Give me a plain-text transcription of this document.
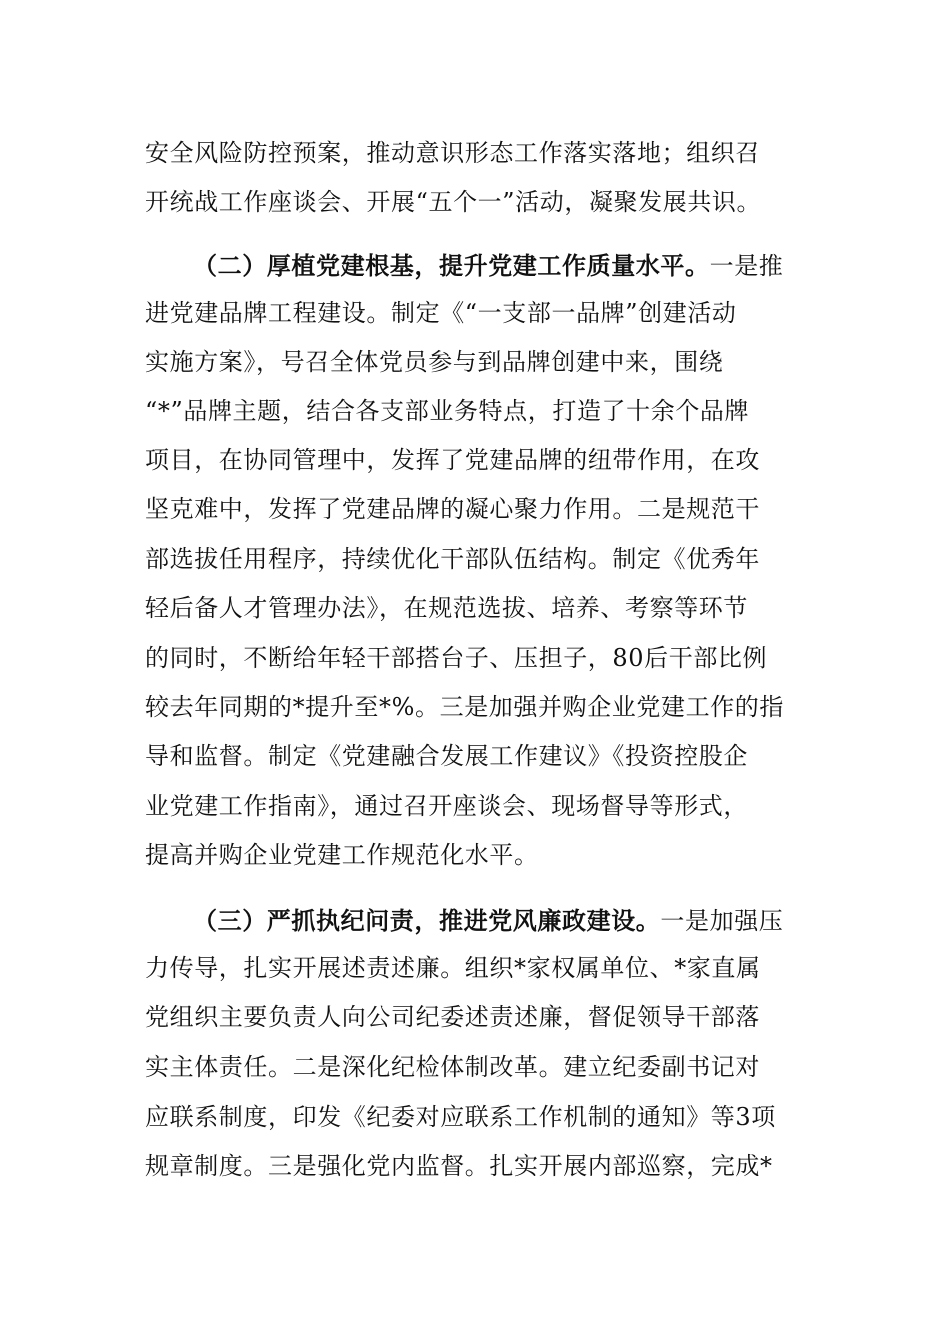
安全风险防控预案，推动意识形态工作落实落地；组织召
开统战工作座谈会、开展“五个一”活动，凝聚发展共识。
（二）厚植党建根基，提升党建工作质量水平。一是推
进党建品牌工程建设。制定《“一支部一品牌”创建活动
实施方案》，号召全体党员参与到品牌创建中来，围绕
“*”品牌主题，结合各支部业务特点，打造了十余个品牌
项目，在协同管理中，发挥了党建品牌的纽带作用，在攻
坚克难中，发挥了党建品牌的凝心聚力作用。二是规范干
部选拔任用程序，持续优化干部队伍结构。制定《优秀年
轻后备人才管理办法》，在规范选拔、培养、考察等环节
的同时，不断给年轻干部搭台子、压担子，80后干部比例
较去年同期的*提升至*%。三是加强并购企业党建工作的指
导和监督。制定《党建融合发展工作建议》《投资控股企
业党建工作指南》，通过召开座谈会、现场督导等形式，
提高并购企业党建工作规范化水平。
（三）严抓执纪问责，推进党风廉政建设。一是加强压
力传导，扎实开展述责述廉。组织*家权属单位、*家直属
党组织主要负责人向公司纪委述责述廉，督促领导干部落
实主体责任。二是深化纪检体制改革。建立纪委副书记对
应联系制度，印发《纪委对应联系工作机制的通知》等3项
规章制度。三是强化党内监督。扎实开展内部巡察，完成*
